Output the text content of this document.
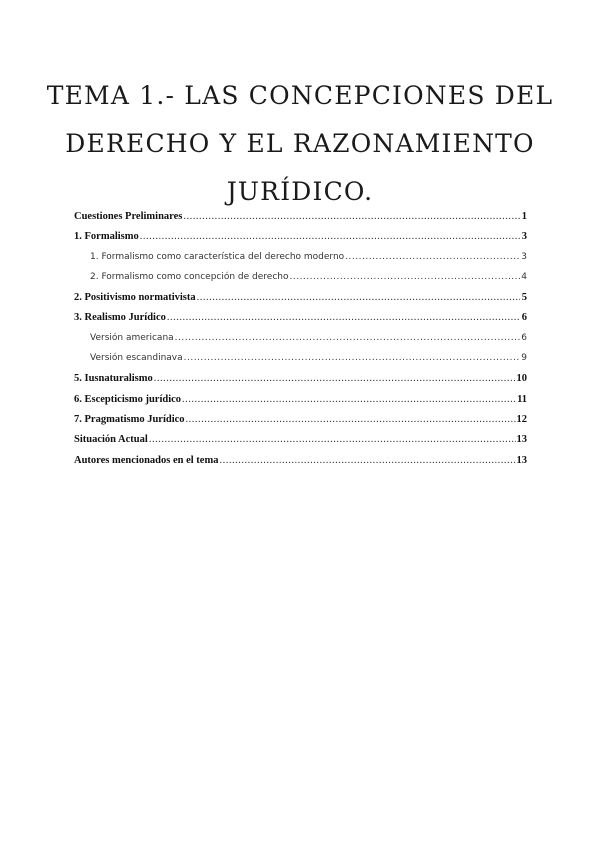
TEMA 1.- LAS CONCEPCIONES DEL
DERECHO Y EL RAZONAMIENTO
JURÍDICO.
Cuestiones Preliminares .....	1
1. Formalismo .....	3
1. Formalismo como característica del derecho moderno .....	3
2. Formalismo como concepción de derecho .....	4
2. Positivismo normativista .....	5
3. Realismo Jurídico .....	6
Versión americana .....	6
Versión escandinava .....	9
5. Iusnaturalismo .....	10
6. Escepticismo jurídico .....	11
7. Pragmatismo Jurídico .....	12
Situación Actual .....	13
Autores mencionados en el tema .....	13
